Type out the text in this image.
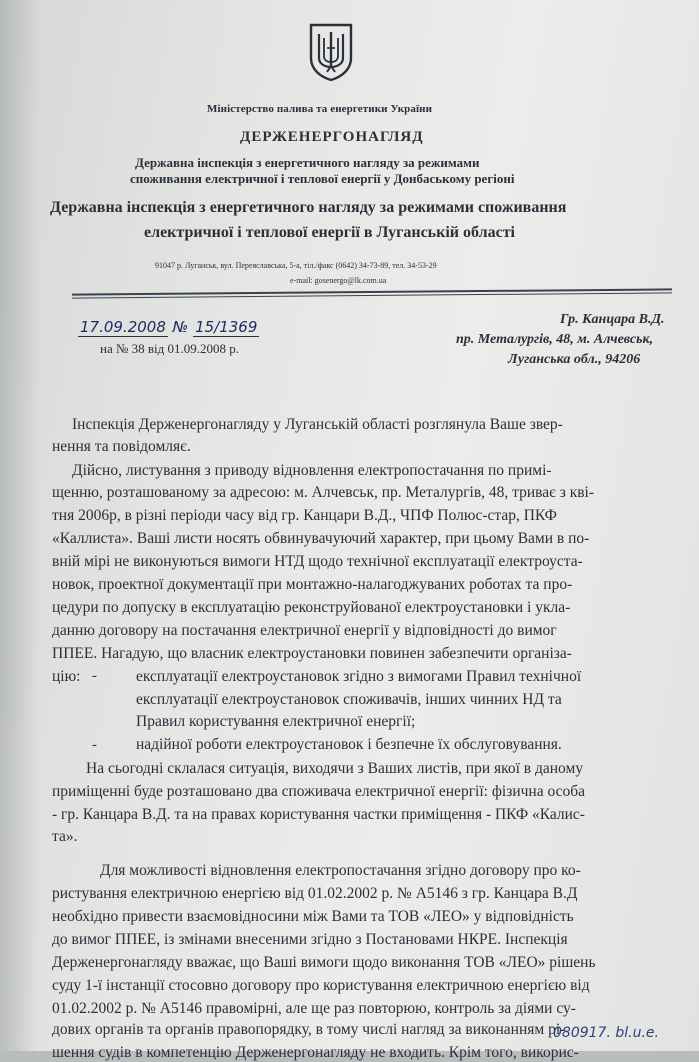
Міністерство палива та енергетики України
ДЕРЖЕНЕРГОНАГЛЯД
Державна інспекція з енергетичного нагляду за режимами
споживання електричної і теплової енергії у Донбаському регіоні
Державна інспекція з енергетичного нагляду за режимами споживання
електричної і теплової енергії в Луганській області
91047 р. Луганськ, вул. Переяславська, 5-а, тіл./факс (0642) 34-73-89, тел. 34-53-29
e-mail: gosenergo@lk.com.ua
17.09.2008 № 15/1369
на № 38 від 01.09.2008 р.
Гр. Канцара В.Д.
пр. Металургів, 48, м. Алчевськ,
Луганська обл., 94206
Інспекція Держенергонагляду у Луганській області розглянула Ваше звер-
нення та повідомляє.
Дійсно, листування з приводу відновлення електропостачання по примі-
щенню, розташованому за адресою: м. Алчевськ, пр. Металургів, 48, триває з кві-
тня 2006р, в різні періоди часу від гр. Канцари В.Д., ЧПФ Полюс-стар, ПКФ
«Каллиста». Ваші листи носять обвинувачуючий характер, при цьому Вами в по-
вній мірі не виконуються вимоги НТД щодо технічної експлуатації електроуста-
новок, проектної документації при монтажно-налагоджуваних роботах та про-
цедури по допуску в експлуатацію реконструйованої електроустановки і укла-
данню договору на постачання електричної енергії у відповідності до вимог
ППЕЕ. Нагадую, що власник електроустановки повинен забезпечити організа-
цію: -	експлуатації електроустановок згідно з вимогами Правил технічної
експлуатації електроустановок споживачів, інших чинних НД та
Правил користування електричної енергії;
-	надійної роботи електроустановок і безпечне їх обслуговування.
На сьогодні склалася ситуація, виходячи з Ваших листів, при якої в даному
приміщенні буде розташовано два споживача електричної енергії: фізична особа
- гр. Канцара В.Д. та на правах користування частки приміщення - ПКФ «Калис-
та».
Для можливості відновлення електропостачання згідно договору про ко-
ристування електричною енергією від 01.02.2002 р. № А5146 з гр. Канцара В.Д
необхідно привести взаємовідносини між Вами та ТОВ «ЛЕО» у відповідність
до вимог ППЕЕ, із змінами внесеними згідно з Постановами НКРЕ. Інспекція
Держенергонагляду вважає, що Ваші вимоги щодо виконання ТОВ «ЛЕО» рішень
суду 1-ї інстанції стосовно договору про користування електричною енергією від
01.02.2002 р. № А5146 правомірні, але ще раз повторюю, контроль за діями су-
дових органів та органів правопорядку, в тому числі нагляд за виконанням рі-
шення судів в компетенцію Держенергонагляду не входить. Крім того, викорис-
080917. bl.u.e.
